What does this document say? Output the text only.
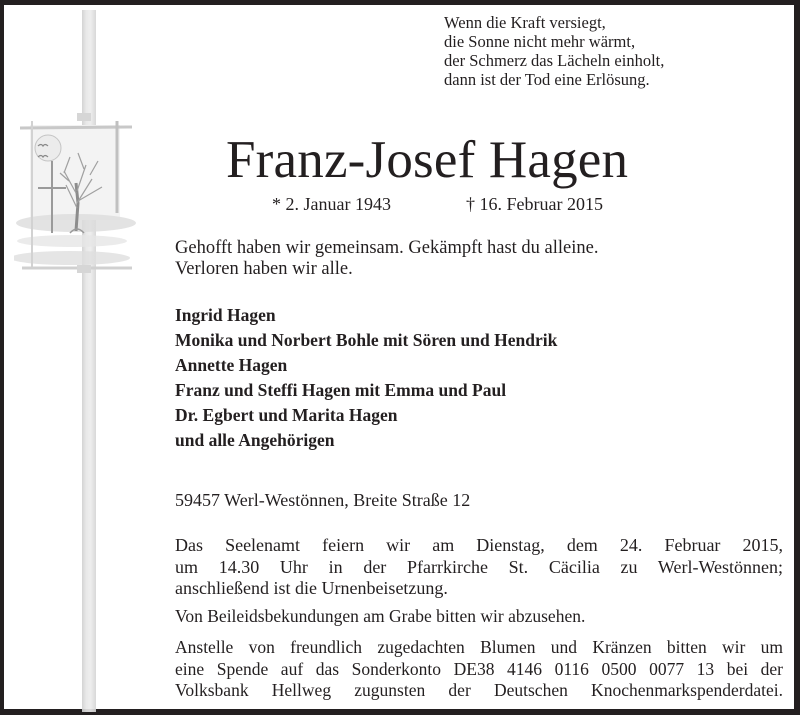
Wenn die Kraft versiegt,
die Sonne nicht mehr wärmt,
der Schmerz das Lächeln einholt,
dann ist der Tod eine Erlösung.
Franz-Josef Hagen
* 2. Januar 1943	† 16. Februar 2015
Gehofft haben wir gemeinsam. Gekämpft hast du alleine.
Verloren haben wir alle.
Ingrid Hagen
Monika und Norbert Bohle mit Sören und Hendrik
Annette Hagen
Franz und Steffi Hagen mit Emma und Paul
Dr. Egbert und Marita Hagen
und alle Angehörigen
59457 Werl-Westönnen, Breite Straße 12
Das Seelenamt feiern wir am Dienstag, dem 24. Februar 2015,
um 14.30 Uhr in der Pfarrkirche St. Cäcilia zu Werl-Westönnen;
anschließend ist die Urnenbeisetzung.
Von Beileidsbekundungen am Grabe bitten wir abzusehen.
Anstelle von freundlich zugedachten Blumen und Kränzen bitten wir um
eine Spende auf das Sonderkonto DE38 4146 0116 0500 0077 13 bei der
Volksbank Hellweg zugunsten der Deutschen Knochenmarkspenderdatei.
